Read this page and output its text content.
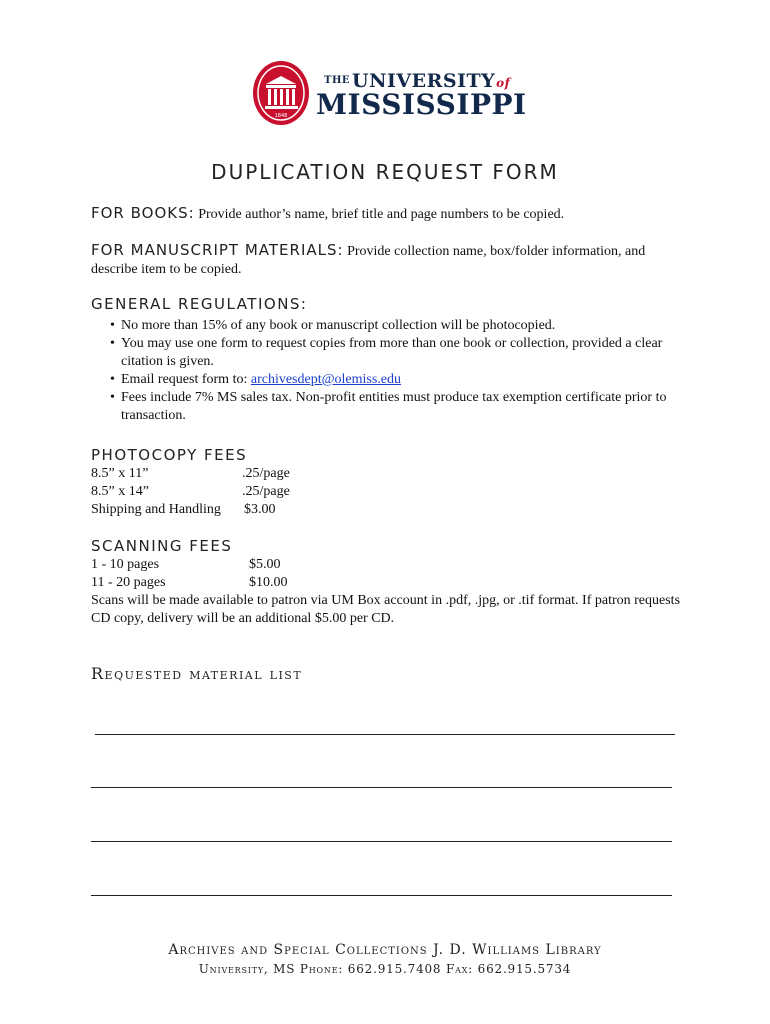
1848
$^{THE}$ UNIVERSITYof
MISSISSIPPI
DUPLICATION REQUEST FORM
FOR BOOKS: Provide author’s name, brief title and page numbers to be copied.
FOR MANUSCRIPT MATERIALS: Provide collection name, box/folder information, and describe item to be copied.
GENERAL REGULATIONS:
• No more than 15% of any book or manuscript collection will be photocopied.
• You may use one form to request copies from more than one book or collection, provided a clear citation is given.
• Email request form to: archivesdept@olemiss.edu
• Fees include 7% MS sales tax. Non-profit entities must produce tax exemption certificate prior to transaction.
PHOTOCOPY FEES
8.5” x 11”	.25/page
8.5” x 14”	.25/page
Shipping and Handling $3.00
SCANNING FEES
1 - 10 pages	$5.00
11 - 20 pages	$10.00
Scans will be made available to patron via UM Box account in .pdf, .jpg, or .tif format. If patron requests CD copy, delivery will be an additional $5.00 per CD.
Requested material list
Archives and Special Collections J. D. Williams Library
University, MS Phone: 662.915.7408 Fax: 662.915.5734
